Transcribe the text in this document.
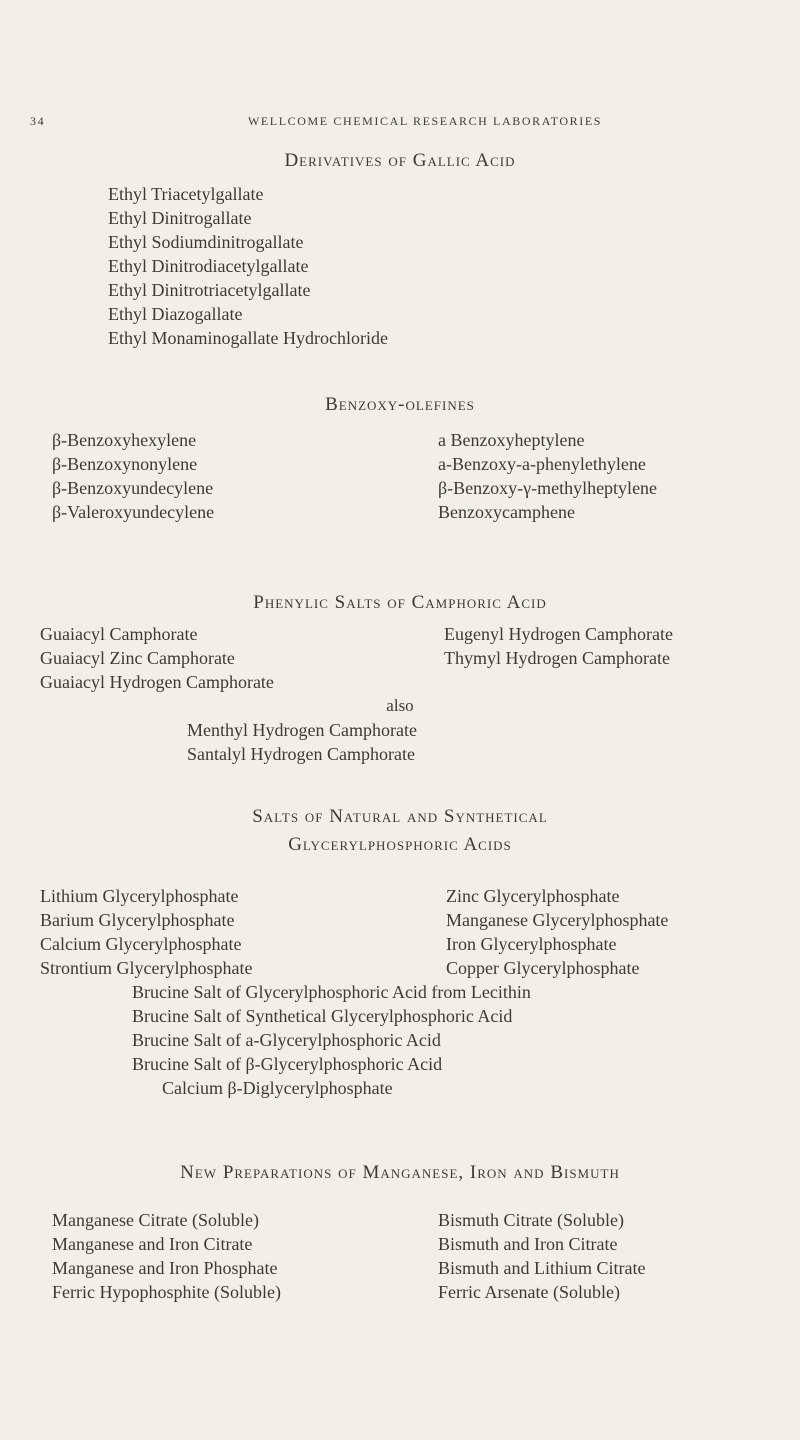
34	WELLCOME CHEMICAL RESEARCH LABORATORIES
Derivatives of Gallic Acid
Ethyl Triacetylgallate
Ethyl Dinitrogallate
Ethyl Sodiumdinitrogallate
Ethyl Dinitrodiacetylgallate
Ethyl Dinitrotriacetylgallate
Ethyl Diazogallate
Ethyl Monaminogallate Hydrochloride
Benzoxy-olefines
β-Benzoxyhexylene
β-Benzoxynonylene
β-Benzoxyundecylene
β-Valeroxyundecylene
a Benzoxyheptylene
a-Benzoxy-a-phenylethylene
β-Benzoxy-γ-methylheptylene
Benzoxycamphene
Phenylic Salts of Camphoric Acid
Guaiacyl Camphorate
Guaiacyl Zinc Camphorate
Guaiacyl Hydrogen Camphorate
Eugenyl Hydrogen Camphorate
Thymyl Hydrogen Camphorate
also
Menthyl Hydrogen Camphorate
Santalyl Hydrogen Camphorate
Salts of Natural and Synthetical
Glycerylphosphoric Acids
Lithium Glycerylphosphate
Barium Glycerylphosphate
Calcium Glycerylphosphate
Strontium Glycerylphosphate
Zinc Glycerylphosphate
Manganese Glycerylphosphate
Iron Glycerylphosphate
Copper Glycerylphosphate
Brucine Salt of Glycerylphosphoric Acid from Lecithin
Brucine Salt of Synthetical Glycerylphosphoric Acid
Brucine Salt of a-Glycerylphosphoric Acid
Brucine Salt of β-Glycerylphosphoric Acid
Calcium β-Diglycerylphosphate
New Preparations of Manganese, Iron and Bismuth
Manganese Citrate (Soluble)
Manganese and Iron Citrate
Manganese and Iron Phosphate
Ferric Hypophosphite (Soluble)
Bismuth Citrate (Soluble)
Bismuth and Iron Citrate
Bismuth and Lithium Citrate
Ferric Arsenate (Soluble)
